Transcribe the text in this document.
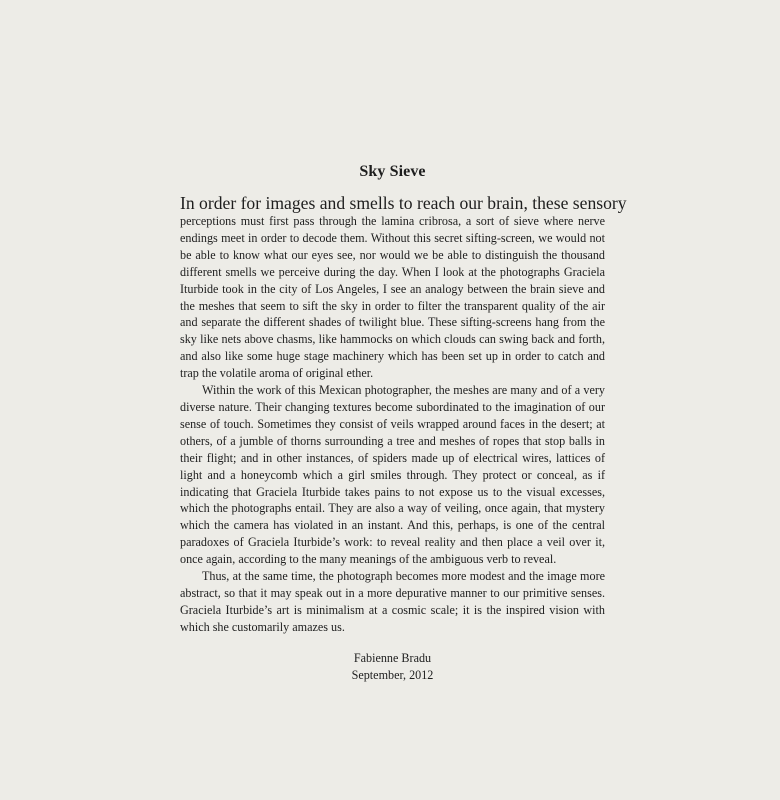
Sky Sieve

In order for images and smells to reach our brain, these sensory

perceptions must first pass through the lamina cribrosa, a sort of sieve where nerve endings meet in order to decode them. Without this secret sifting-screen, we would not be able to know what our eyes see, nor would we be able to distinguish the thousand different smells we perceive during the day. When I look at the photographs Graciela Iturbide took in the city of Los Angeles, I see an analogy between the brain sieve and the meshes that seem to sift the sky in order to filter the transparent quality of the air and separate the different shades of twilight blue. These sifting-screens hang from the sky like nets above chasms, like hammocks on which clouds can swing back and forth, and also like some huge stage machinery which has been set up in order to catch and trap the volatile aroma of original ether.

Within the work of this Mexican photographer, the meshes are many and of a very diverse nature. Their changing textures become subordinated to the imagination of our sense of touch. Sometimes they consist of veils wrapped around faces in the desert; at others, of a jumble of thorns surrounding a tree and meshes of ropes that stop balls in their flight; and in other instances, of spiders made up of electrical wires, lattices of light and a honeycomb which a girl smiles through. They protect or conceal, as if indicating that Graciela Iturbide takes pains to not expose us to the visual excesses, which the photographs entail. They are also a way of veiling, once again, that mystery which the camera has violated in an instant. And this, perhaps, is one of the central paradoxes of Graciela Iturbide’s work: to reveal reality and then place a veil over it, once again, according to the many meanings of the ambiguous verb to reveal.

Thus, at the same time, the photograph becomes more modest and the image more abstract, so that it may speak out in a more depurative manner to our primitive senses. Graciela Iturbide’s art is minimalism at a cosmic scale; it is the inspired vision with which she customarily amazes us.

Fabienne Bradu
September, 2012
